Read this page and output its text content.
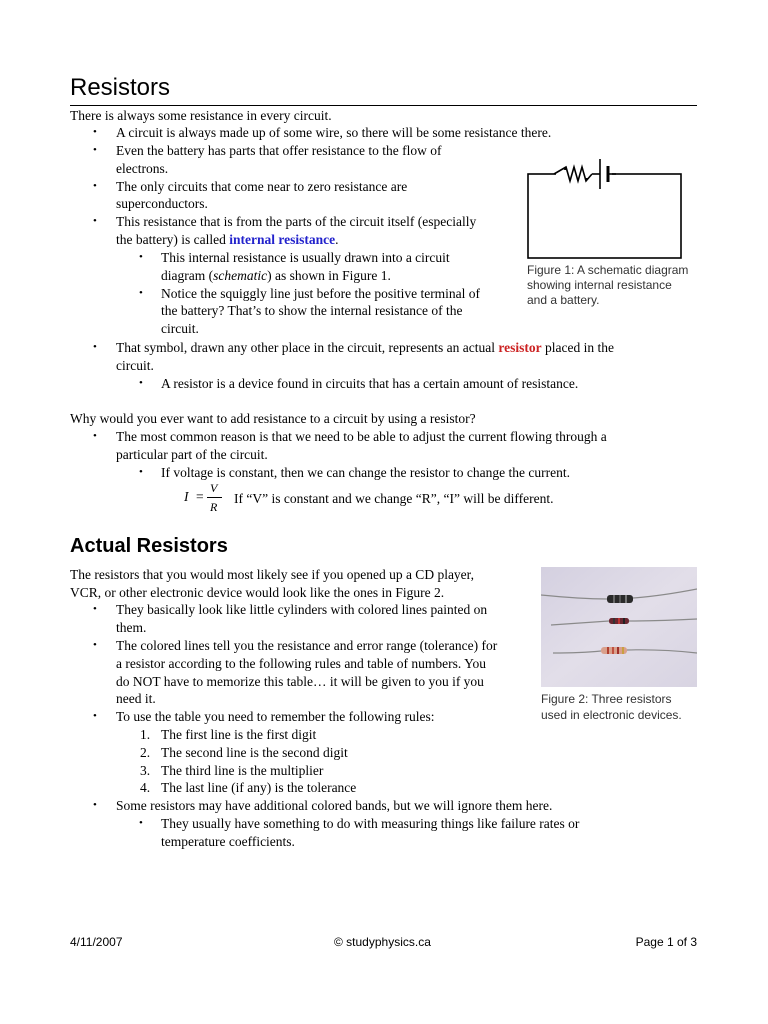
Resistors
There is always some resistance in every circuit.
• A circuit is always made up of some wire, so there will be some resistance there.
• Even the battery has parts that offer resistance to the flow of
electrons.
• The only circuits that come near to zero resistance are
superconductors.
• This resistance that is from the parts of the circuit itself (especially
the battery) is called internal resistance.
• This internal resistance is usually drawn into a circuit
diagram (schematic) as shown in Figure 1.
• Notice the squiggly line just before the positive terminal of
the battery? That’s to show the internal resistance of the
circuit.
Figure 1: A schematic diagram
showing internal resistance
and a battery.
• That symbol, drawn any other place in the circuit, represents an actual resistor placed in the
circuit.
• A resistor is a device found in circuits that has a certain amount of resistance.
Why would you ever want to add resistance to a circuit by using a resistor?
• The most common reason is that we need to be able to adjust the current flowing through a
particular part of the circuit.
• If voltage is constant, then we can change the resistor to change the current.
I =
V
R
If “V” is constant and we change “R”, “I” will be different.
Actual Resistors
The resistors that you would most likely see if you opened up a CD player,
VCR, or other electronic device would look like the ones in Figure 2.
• They basically look like little cylinders with colored lines painted on
them.
• The colored lines tell you the resistance and error range (tolerance) for
a resistor according to the following rules and table of numbers. You
do NOT have to memorize this table… it will be given to you if you
need it.
• To use the table you need to remember the following rules:
1. The first line is the first digit
2. The second line is the second digit
3. The third line is the multiplier
4. The last line (if any) is the tolerance
• Some resistors may have additional colored bands, but we will ignore them here.
• They usually have something to do with measuring things like failure rates or
temperature coefficients.
Figure 2: Three resistors
used in electronic devices.
4/11/2007	© studyphysics.ca	Page 1 of 3
